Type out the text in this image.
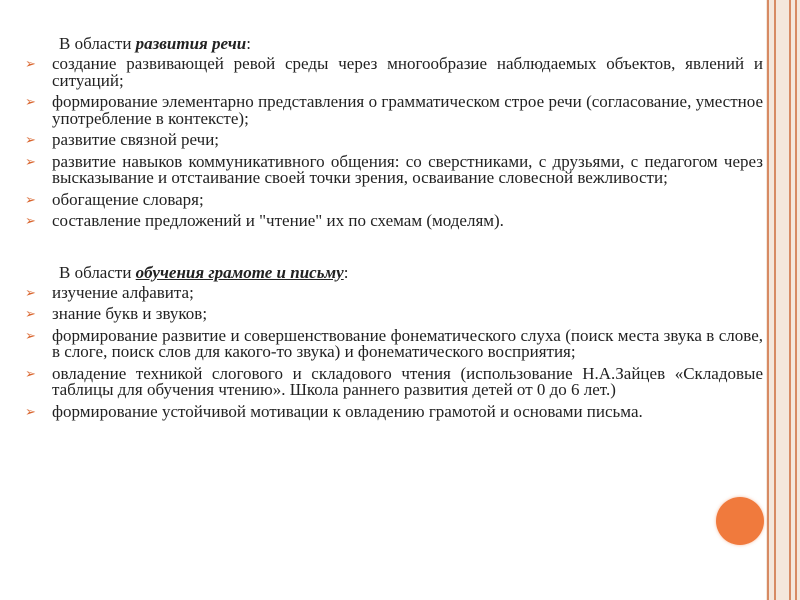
В области развития речи:
➢ создание развивающей ревой среды через многообразие наблюдаемых объектов, явлений и ситуаций;
➢ формирование элементарно представления о грамматическом строе речи (согласование, уместное употребление в контексте);
➢ развитие связной речи;
➢ развитие навыков коммуникативного общения: со сверстниками, с друзьями, с педагогом через высказывание и отстаивание своей точки зрения, осваивание словесной вежливости;
➢ обогащение словаря;
➢ составление предложений и "чтение" их по схемам (моделям).
В области обучения грамоте и письму:
➢ изучение алфавита;
➢ знание букв и звуков;
➢ формирование развитие и совершенствование фонематического слуха (поиск места звука в слове, в слоге, поиск слов для какого-то звука) и фонематического восприятия;
➢ овладение техникой слогового и складового чтения (использование Н.А.Зайцев «Складовые таблицы для обучения чтению». Школа раннего развития детей от 0 до 6 лет.)
➢ формирование устойчивой мотивации к овладению грамотой и основами письма.
